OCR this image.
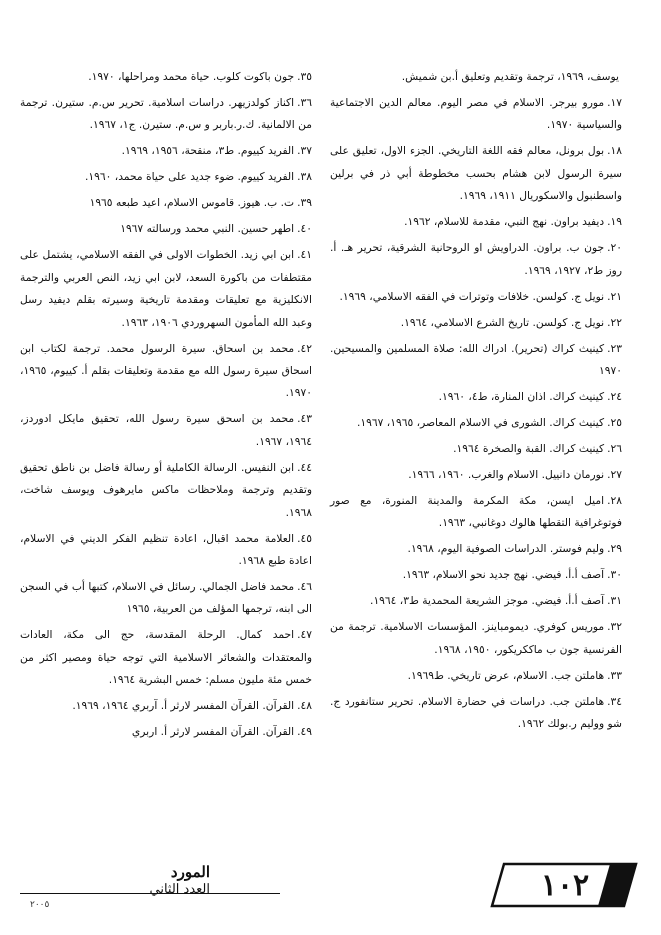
يوسف، ١٩٦٩، ترجمة وتقديم وتعليق أ.بن شميش.

١٧.مورو بيرجر. الاسلام في مصر اليوم. معالم الدين الاجتماعية والسياسية ١٩٧٠.

١٨.بول برونل، معالم فقه اللغة التاريخي. الجزء الاول، تعليق على سيرة الرسول لابن هشام بحسب مخطوطة أبي ذر في برلين واسطنبول والاسكوريال ١٩١١، ١٩٦٩.

١٩.ديفيد براون. نهج النبي، مقدمة للاسلام، ١٩٦٢.

٢٠.جون ب. براون. الدراويش او الروحانية الشرقية، تحرير هـ. أ. روز ط٢، ١٩٢٧، ١٩٦٩.

٢١.نويل ج. كولسن. خلافات وتوترات في الفقه الاسلامي، ١٩٦٩.

٢٢.نويل ج. كولسن. تاريخ الشرع الاسلامي، ١٩٦٤.

٢٣.كينيث كراك (تحرير). ادراك الله: صلاة المسلمين والمسيحين. ١٩٧٠

٢٤.كينيث كراك. اذان المنارة، ط٤، ١٩٦٠.

٢٥.كينيث كراك. الشورى في الاسلام المعاصر، ١٩٦٥، ١٩٦٧.

٢٦.كينيث كراك. القبة والصخرة ١٩٦٤.

٢٧.نورمان دانييل. الاسلام والغرب. ١٩٦٠، ١٩٦٦.

٢٨.اميل ايسن، مكة المكرمة والمدينة المنورة، مع صور فوتوغرافية التقطها هالوك دوغانبي، ١٩٦٣.

٢٩.وليم فوستر. الدراسات الصوفية اليوم، ١٩٦٨.

٣٠.آصف أ.أ. فيضي. نهج جديد نحو الاسلام، ١٩٦٣.

٣١.آصف أ.أ. فيضي. موجز الشريعة المحمدية ط٣، ١٩٦٤.

٣٢.موريس كوفري. ديمومباينز. المؤسسات الاسلامية. ترجمة من الفرنسية جون ب ماككريكور، ١٩٥٠، ١٩٦٨.

٣٣.هاملتن جب. الاسلام، عرض تاريخي. ط١٩٦٩.

٣٤.هاملتن جب. دراسات في حضارة الاسلام. تحرير ستانفورد ج. شو ووليم ر.بولك ١٩٦٢.

٣٥.جون باكوت كلوب. حياة محمد ومراحلها، ١٩٧٠.

٣٦.اكناز كولدزيهر. دراسات اسلامية. تحرير س.م. ستيرن. ترجمة من الالمانية. ك.ر.باربر و س.م. ستيرن. ج١، ١٩٦٧.

٣٧.الفريد كييوم. ط٣، منقحة، ١٩٥٦، ١٩٦٩.

٣٨.الفريد كييوم. ضوء جديد على حياة محمد، ١٩٦٠.

٣٩.ت. ب. هيوز. قاموس الاسلام، اعيد طبعه ١٩٦٥

٤٠.اطهر حسين. النبي محمد ورسالته ١٩٦٧

٤١.ابن ابي زيد. الخطوات الاولى في الفقه الاسلامي، يشتمل على مقتطفات من باكورة السعد، لابن ابي زيد، النص العربي والترجمة الانكليزية مع تعليقات ومقدمة تاريخية وسيرته بقلم ديفيد رسل وعبد الله المأمون السهروردي ١٩٠٦، ١٩٦٣.

٤٢.محمد بن اسحاق. سيرة الرسول محمد. ترجمة لكتاب ابن اسحاق سيرة رسول الله مع مقدمة وتعليقات بقلم أ. كييوم، ١٩٦٥، ١٩٧٠.

٤٣.محمد بن اسحق سيرة رسول الله، تحقيق مايكل ادوردز، ١٩٦٤، ١٩٦٧.

٤٤.ابن النفيس. الرسالة الكاملية أو رسالة فاضل بن ناطق تحقيق وتقديم وترجمة وملاحظات ماكس مايرهوف ويوسف شاخت، ١٩٦٨.

٤٥.العلامة محمد اقبال، اعادة تنظيم الفكر الديني في الاسلام، اعادة طبع ١٩٦٨.

٤٦.محمد فاضل الجمالي. رسائل في الاسلام، كتبها أب في السجن الى ابنه، ترجمها المؤلف من العربية، ١٩٦٥

٤٧.احمد كمال. الرحلة المقدسة، حج الى مكة، العادات والمعتقدات والشعائر الاسلامية التي توجه حياة ومصير اكثر من خمس مئة مليون مسلم: خمس البشرية ١٩٦٤.

٤٨.القرآن. القرآن المفسر لارثر أ. آربري ١٩٦٤، ١٩٦٩.

٤٩.القرآن. القرآن المفسر لارثر أ. اربري

١٠٢
المورد
العدد الثاني
٢٠٠٥
